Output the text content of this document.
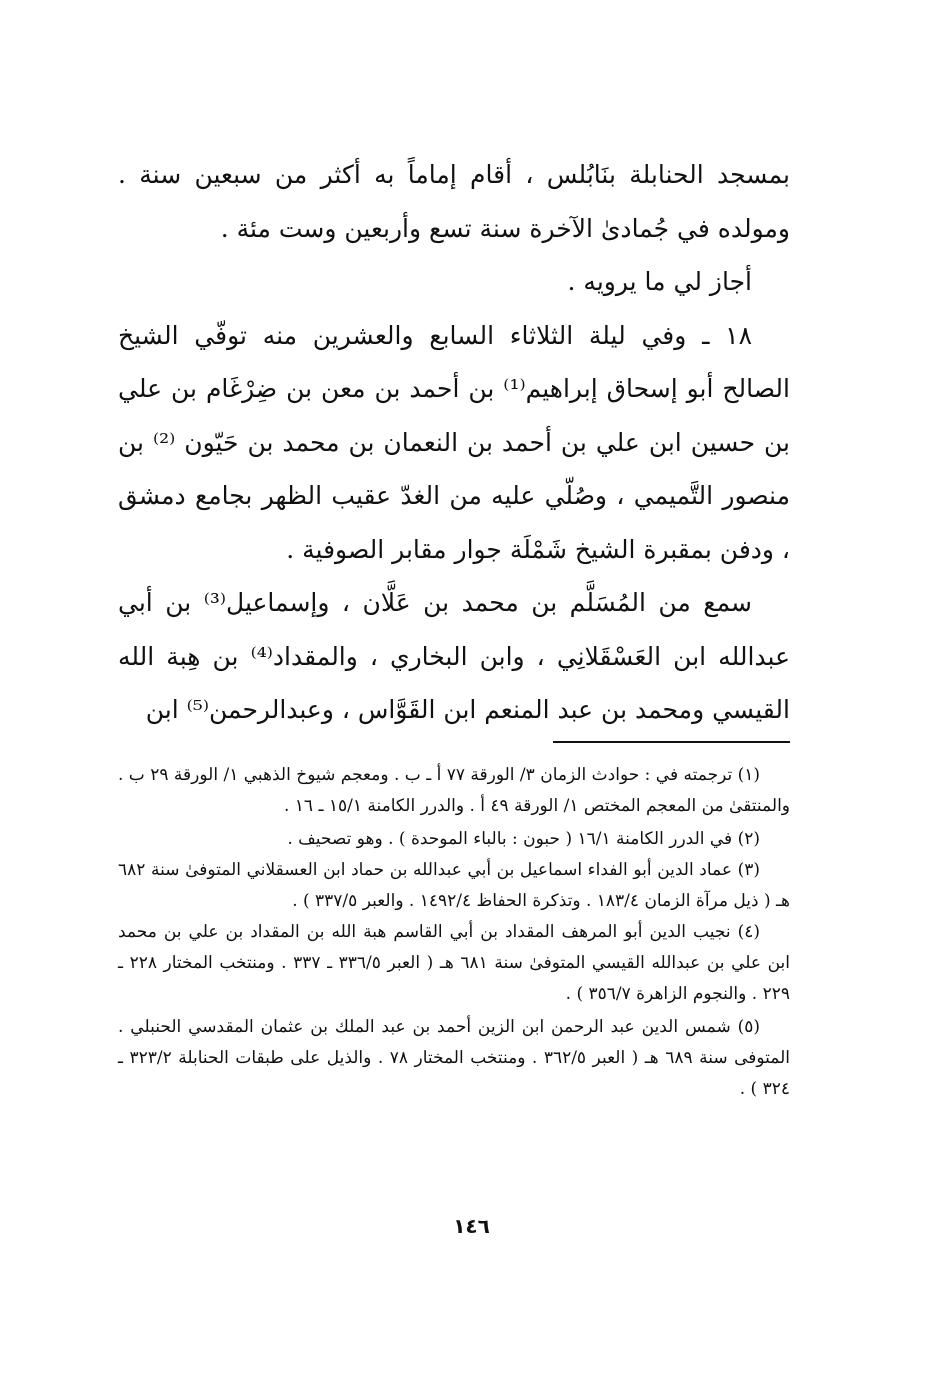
بمسجد الحنابلة بنَابُلس ، أقام إماماً به أكثر من سبعين سنة . ومولده في جُمادىٰ الآخرة سنة تسع وأربعين وست مئة .

أجاز لي ما يرويه .

١٨ ـ وفي ليلة الثلاثاء السابع والعشرين منه توفّي الشيخ الصالح أبو إسحاق إبراهيم⁽¹⁾ بن أحمد بن معن بن ضِرْغَام بن علي بن حسين ابن علي بن أحمد بن النعمان بن محمد بن حَيّون ⁽²⁾ بن منصور التَّميمي ، وصُلّي عليه من الغدّ عقيب الظهر بجامع دمشق ، ودفن بمقبرة الشيخ شَمْلَة جوار مقابر الصوفية .

سمع من المُسَلَّم بن محمد بن عَلَّان ، وإسماعيل⁽³⁾ بن أبي عبدالله ابن العَسْقَلانِي ، وابن البخاري ، والمقداد⁽⁴⁾ بن هِبة الله القيسي ومحمد بن عبد المنعم ابن القَوَّاس ، وعبدالرحمن⁽⁵⁾ ابن

(١) ترجمته في : حوادث الزمان ٣/ الورقة ٧٧ أ ـ ب . ومعجم شيوخ الذهبي ١/ الورقة ٢٩ ب . والمنتقىٰ من المعجم المختص ١/ الورقة ٤٩ أ . والدرر الكامنة ١٥/١ ـ ١٦ .

(٢) في الدرر الكامنة ١٦/١ ( حبون : بالباء الموحدة ) . وهو تصحيف .

(٣) عماد الدين أبو الفداء اسماعيل بن أبي عبدالله بن حماد ابن العسقلاني المتوفىٰ سنة ٦٨٢ هـ ( ذيل مرآة الزمان ١٨٣/٤ . وتذكرة الحفاظ ١٤٩٢/٤ . والعبر ٣٣٧/٥ ) .

(٤) نجيب الدين أبو المرهف المقداد بن أبي القاسم هبة الله بن المقداد بن علي بن محمد ابن علي بن عبدالله القيسي المتوفىٰ سنة ٦٨١ هـ ( العبر ٣٣٦/٥ ـ ٣٣٧ . ومنتخب المختار ٢٢٨ ـ ٢٢٩ . والنجوم الزاهرة ٣٥٦/٧ ) .

(٥) شمس الدين عبد الرحمن ابن الزين أحمد بن عبد الملك بن عثمان المقدسي الحنبلي . المتوفى سنة ٦٨٩ هـ ( العبر ٣٦٢/٥ . ومنتخب المختار ٧٨ . والذيل على طبقات الحنابلة ٣٢٣/٢ ـ ٣٢٤ ) .

١٤٦
